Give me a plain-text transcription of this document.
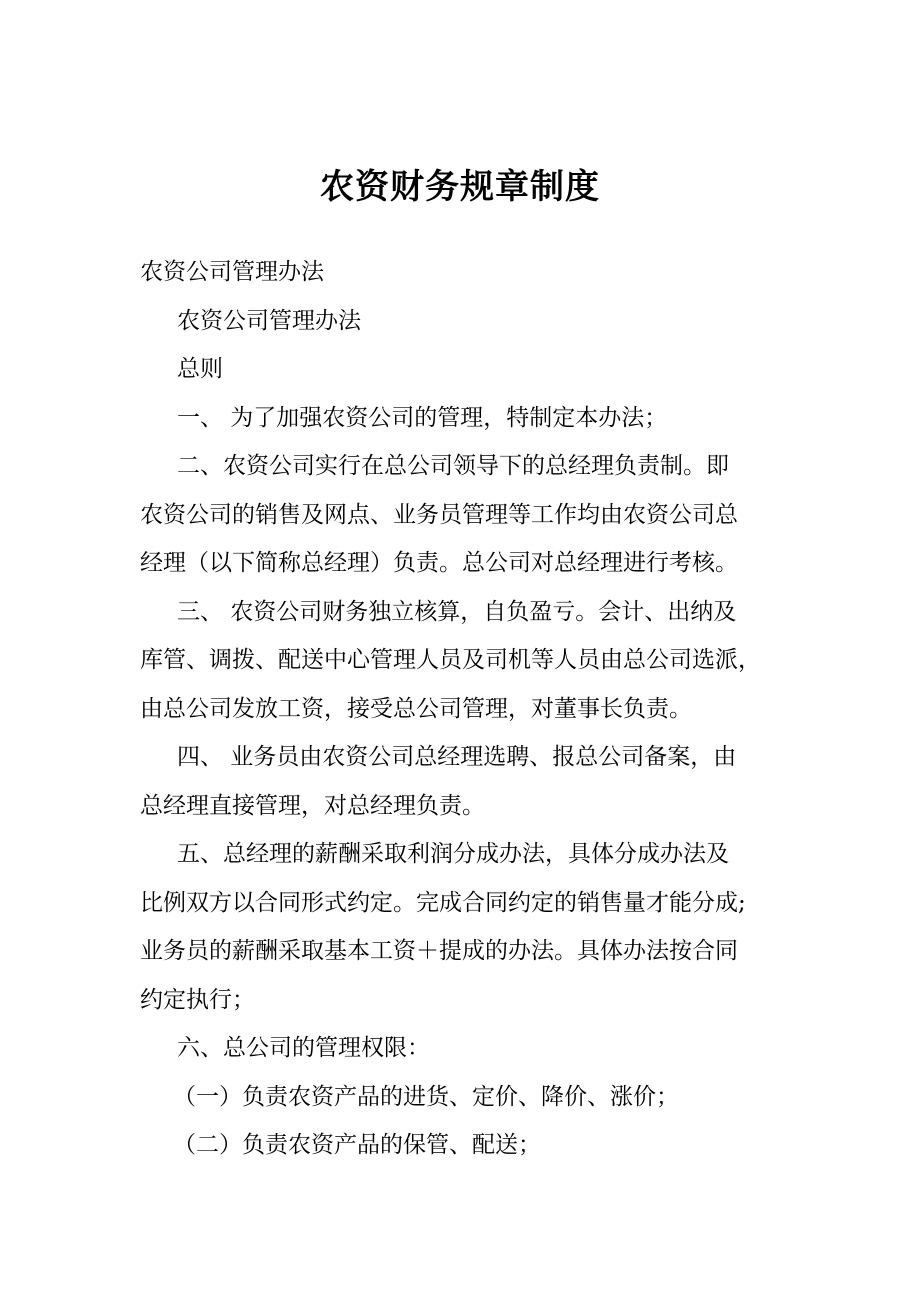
农资财务规章制度
农资公司管理办法
农资公司管理办法
总则
一、 为了加强农资公司的管理，特制定本办法；
二、农资公司实行在总公司领导下的总经理负责制。即
农资公司的销售及网点、业务员管理等工作均由农资公司总
经理（以下简称总经理）负责。总公司对总经理进行考核。
三、 农资公司财务独立核算，自负盈亏。会计、出纳及
库管、调拨、配送中心管理人员及司机等人员由总公司选派，
由总公司发放工资，接受总公司管理，对董事长负责。
四、 业务员由农资公司总经理选聘、报总公司备案，由
总经理直接管理，对总经理负责。
五、总经理的薪酬采取利润分成办法，具体分成办法及
比例双方以合同形式约定。完成合同约定的销售量才能分成;
业务员的薪酬采取基本工资＋提成的办法。具体办法按合同
约定执行；
六、总公司的管理权限：
（一）负责农资产品的进货、定价、降价、涨价；
（二）负责农资产品的保管、配送；
